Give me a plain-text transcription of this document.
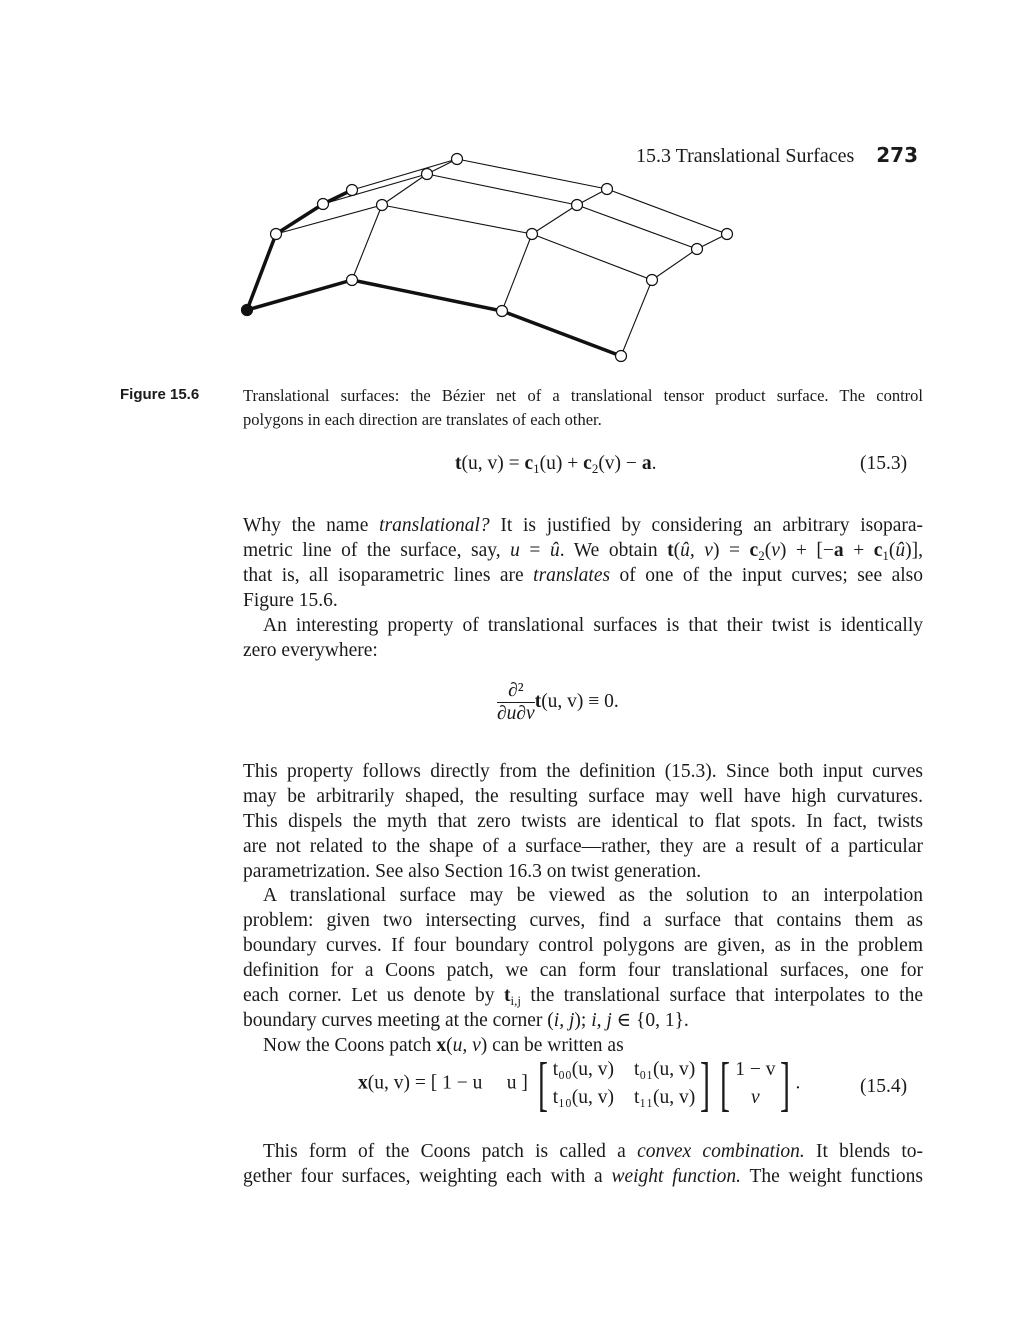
15.3 Translational Surfaces 273
Figure 15.6	Translational surfaces: the Bézier net of a translational tensor product surface. The control
polygons in each direction are translates of each other.
t(u, $v) = c_1(u) + c_2(v) - a$.	(15.3)
$\frac{\text{∂²}}{\partial u\partial v} t(u$, v) ≡ 0.
x(u, v) = [ 1 − u     u ] [ t₀₀(u, v) t₀₁(u, v)
t₁₀(u, v) t₁₁(u, v) ] [ 1 − v
v ] .	(15.4)
Why the name translational? It is justified by considering an arbitrary isopara-
metric line of the surface, say, u = û. We obtain t(û, $v) = c_2(v) + [-a$ + $c_1(û)$],
that is, all isoparametric lines are translates of one of the input curves; see also
Figure 15.6.
An interesting property of translational surfaces is that their twist is identically
zero everywhere:
This property follows directly from the definition (15.3). Since both input curves
may be arbitrarily shaped, the resulting surface may well have high curvatures.
This dispels the myth that zero twists are identical to flat spots. In fact, twists
are not related to the shape of a surface—rather, they are a result of a particular
parametrization. See also Section 16.3 on twist generation.
A translational surface may be viewed as the solution to an interpolation
problem: given two intersecting curves, find a surface that contains them as
boundary curves. If four boundary control polygons are given, as in the problem
definition for a Coons patch, we can form four translational surfaces, one for
each corner. Let us denote by $t_{i,j}$ the translational surface that interpolates to the
boundary curves meeting at the corner (i, j); i, j ∈ {0, 1}.
Now the Coons patch x(u, v) can be written as
This form of the Coons patch is called a convex combination. It blends to-
gether four surfaces, weighting each with a weight function. The weight functions
